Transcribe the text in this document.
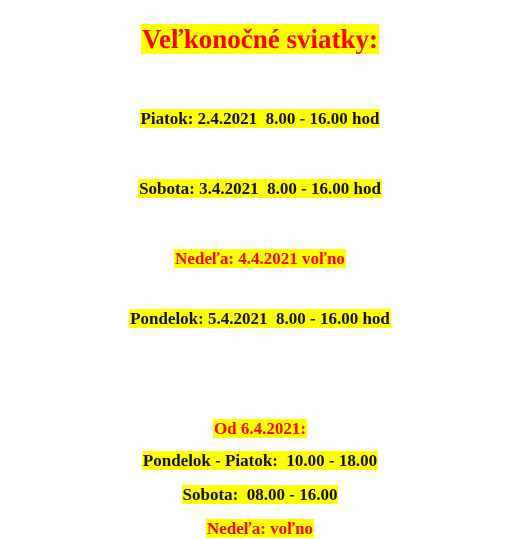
Veľkonočné sviatky:

Piatok: 2.4.2021  8.00 - 16.00 hod

Sobota: 3.4.2021  8.00 - 16.00 hod

Nedeľa: 4.4.2021 voľno

Pondelok: 5.4.2021  8.00 - 16.00 hod

Od 6.4.2021:

Pondelok - Piatok:  10.00 - 18.00

Sobota:  08.00 - 16.00

Nedeľa: voľno
